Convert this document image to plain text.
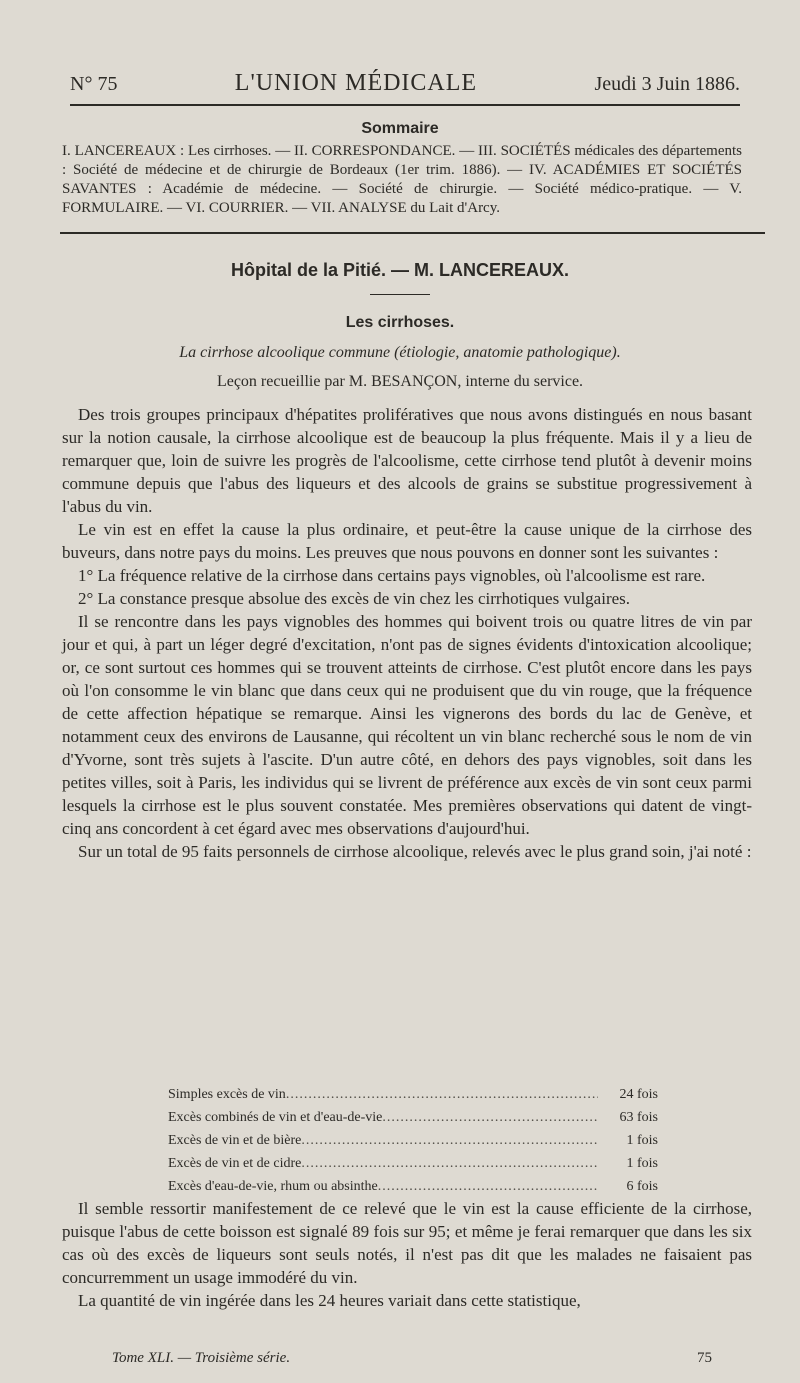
N° 75	L'UNION MÉDICALE	Jeudi 3 Juin 1886.
Sommaire
I. LANCEREAUX : Les cirrhoses. — II. CORRESPONDANCE. — III. SOCIÉTÉS médicales des départements : Société de médecine et de chirurgie de Bordeaux (1er trim. 1886). — IV. ACADÉMIES ET SOCIÉTÉS SAVANTES : Académie de médecine. — Société de chirurgie. — Société médico-pratique. — V. FORMULAIRE. — VI. COURRIER. — VII. ANALYSE du Lait d'Arcy.
Hôpital de la Pitié. — M. LANCEREAUX.
Les cirrhoses.
La cirrhose alcoolique commune (étiologie, anatomie pathologique).
Leçon recueillie par M. BESANÇON, interne du service.

Des trois groupes principaux d'hépatites prolifératives que nous avons distingués en nous basant sur la notion causale, la cirrhose alcoolique est de beaucoup la plus fréquente. Mais il y a lieu de remarquer que, loin de suivre les progrès de l'alcoolisme, cette cirrhose tend plutôt à devenir moins commune depuis que l'abus des liqueurs et des alcools de grains se substitue progressivement à l'abus du vin.

Le vin est en effet la cause la plus ordinaire, et peut-être la cause unique de la cirrhose des buveurs, dans notre pays du moins. Les preuves que nous pouvons en donner sont les suivantes :

1° La fréquence relative de la cirrhose dans certains pays vignobles, où l'alcoolisme est rare.

2° La constance presque absolue des excès de vin chez les cirrhotiques vulgaires.

Il se rencontre dans les pays vignobles des hommes qui boivent trois ou quatre litres de vin par jour et qui, à part un léger degré d'excitation, n'ont pas de signes évidents d'intoxication alcoolique; or, ce sont surtout ces hommes qui se trouvent atteints de cirrhose. C'est plutôt encore dans les pays où l'on consomme le vin blanc que dans ceux qui ne produisent que du vin rouge, que la fréquence de cette affection hépatique se remarque. Ainsi les vignerons des bords du lac de Genève, et notamment ceux des environs de Lausanne, qui récoltent un vin blanc recherché sous le nom de vin d'Yvorne, sont très sujets à l'ascite. D'un autre côté, en dehors des pays vignobles, soit dans les petites villes, soit à Paris, les individus qui se livrent de préférence aux excès de vin sont ceux parmi lesquels la cirrhose est le plus souvent constatée. Mes premières observations qui datent de vingt-cinq ans concordent à cet égard avec mes observations d'aujourd'hui.

Sur un total de 95 faits personnels de cirrhose alcoolique, relevés avec le plus grand soin, j'ai noté :

Simples excès de vin .....	24 fois
Excès combinés de vin et d'eau-de-vie .....	63 fois
Excès de vin et de bière .....	1 fois
Excès de vin et de cidre .....	1 fois
Excès d'eau-de-vie, rhum ou absinthe .....	6 fois

Il semble ressortir manifestement de ce relevé que le vin est la cause efficiente de la cirrhose, puisque l'abus de cette boisson est signalé 89 fois sur 95; et même je ferai remarquer que dans les six cas où des excès de liqueurs sont seuls notés, il n'est pas dit que les malades ne faisaient pas concurremment un usage immodéré du vin.

La quantité de vin ingérée dans les 24 heures variait dans cette statistique,

Tome XLI. — Troisième série.	75
